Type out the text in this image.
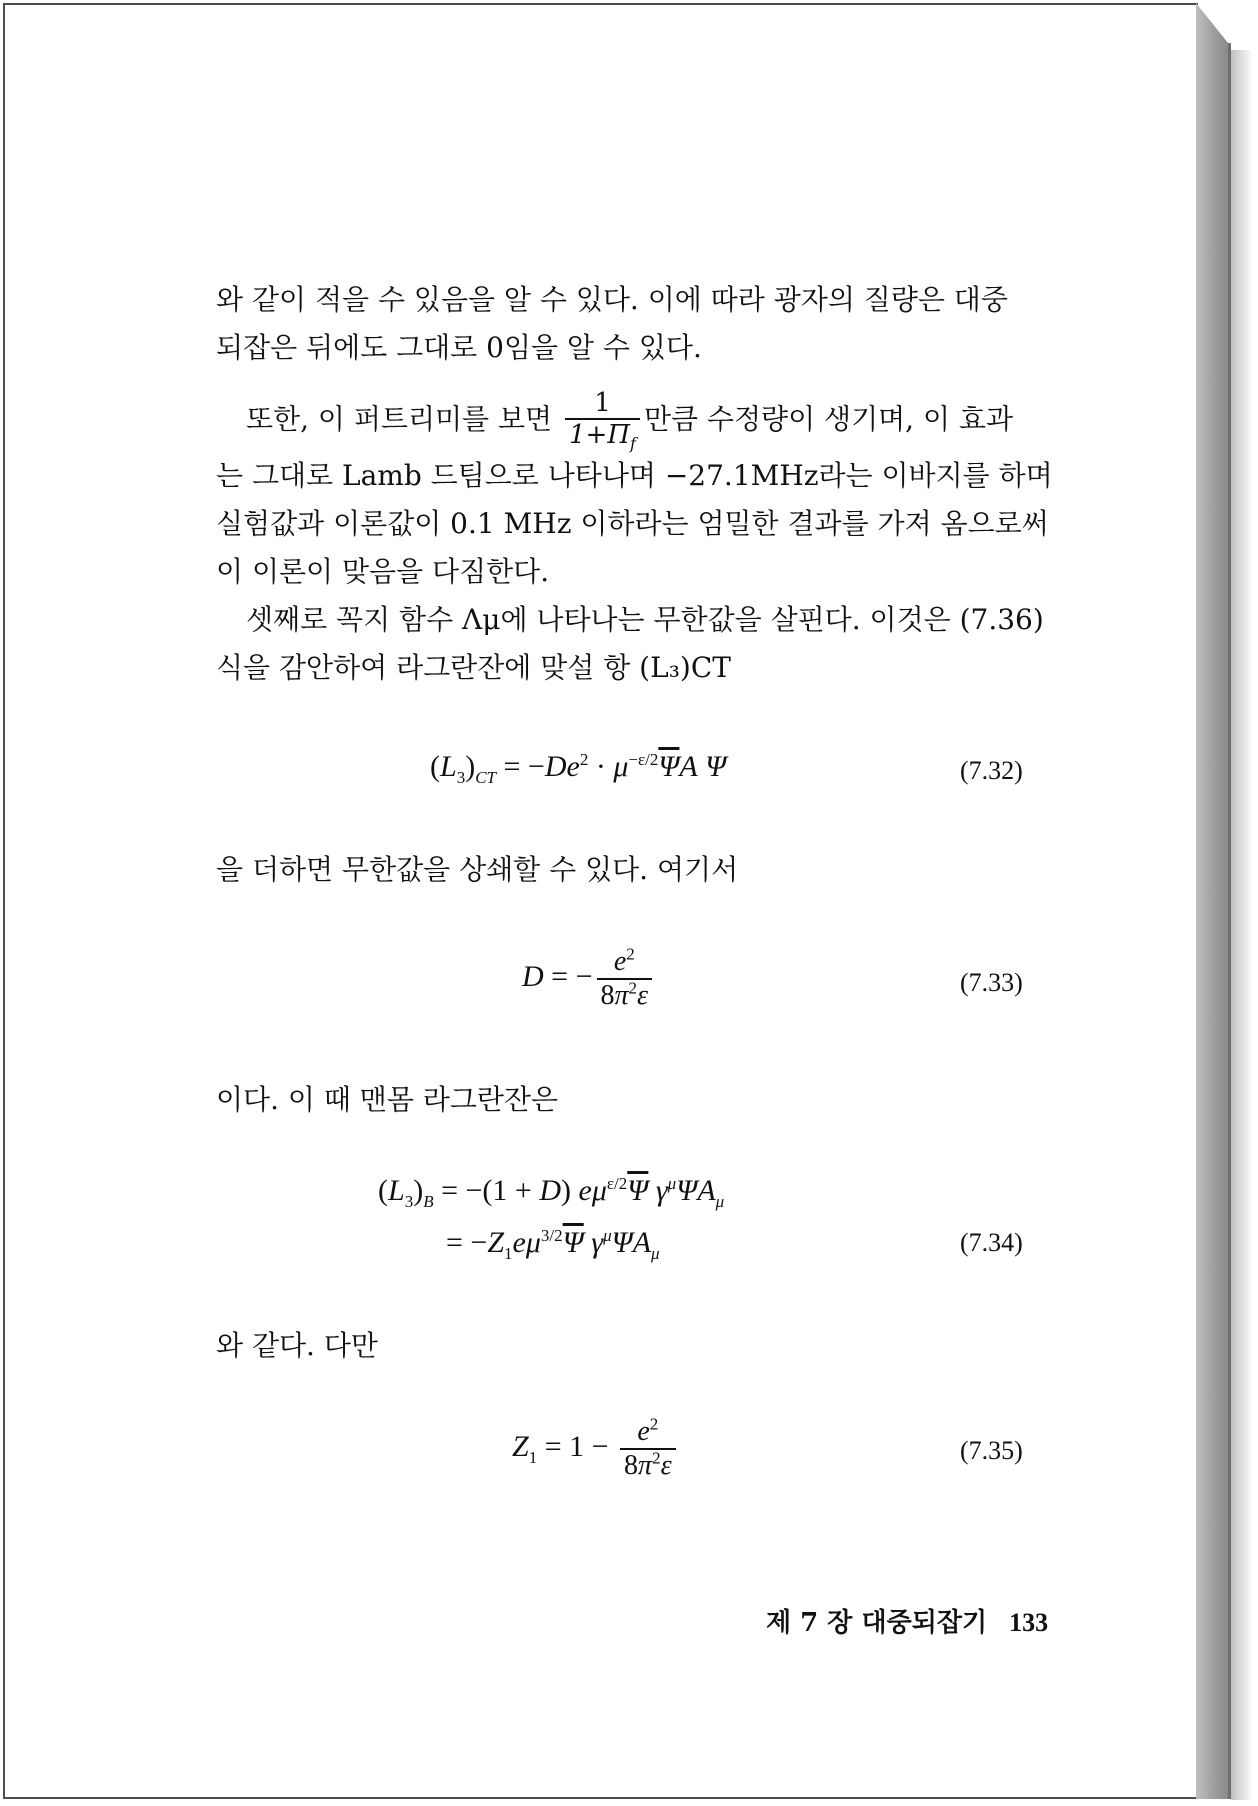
와 같이 적을 수 있음을 알 수 있다. 이에 따라 광자의 질량은 대중
되잡은 뒤에도 그대로 0임을 알 수 있다.
또한, 이 퍼트리미를 보면 $\frac{1}{1+\Pi_f}$ 만큼 수정량이 생기며, 이 효과
는 그대로 Lamb 드팀으로 나타나며 −27.1MHz라는 이바지를 하며
실험값과 이론값이 0.1 MHz 이하라는 엄밀한 결과를 가져 옴으로써
이 이론이 맞음을 다짐한다.
셋째로 꼭지 함수 Λμ에 나타나는 무한값을 살핀다. 이것은 (7.36)
식을 감안하여 라그란잔에 맞설 항 (L₃)CT
$(L_3)_{CT} = -De^2 \cdot \mu^{-\varepsilon/2}\overline{\Psi}A$ Ψ	(7.32)
을 더하면 무한값을 상쇄할 수 있다. 여기서
D = − $\frac{e^2}{8\pi^2\varepsilon}$	(7.33)
이다. 이 때 맨몸 라그란잔은
$(L_3)_B = -(1 + D)$ $e\mu^{\varepsilon/2}\overline{\Psi}$ $\gamma^\mu\Psi A_\mu$
= $-Z_1e\mu^{3/2}\overline{\Psi}$ $\gamma^\mu\Psi A_\mu$	(7.34)
와 같다. 다만
$Z_1 = 1 - \frac{e^2}{8\pi^2\varepsilon}$	(7.35)
제 7 장 대중되잡기 133
